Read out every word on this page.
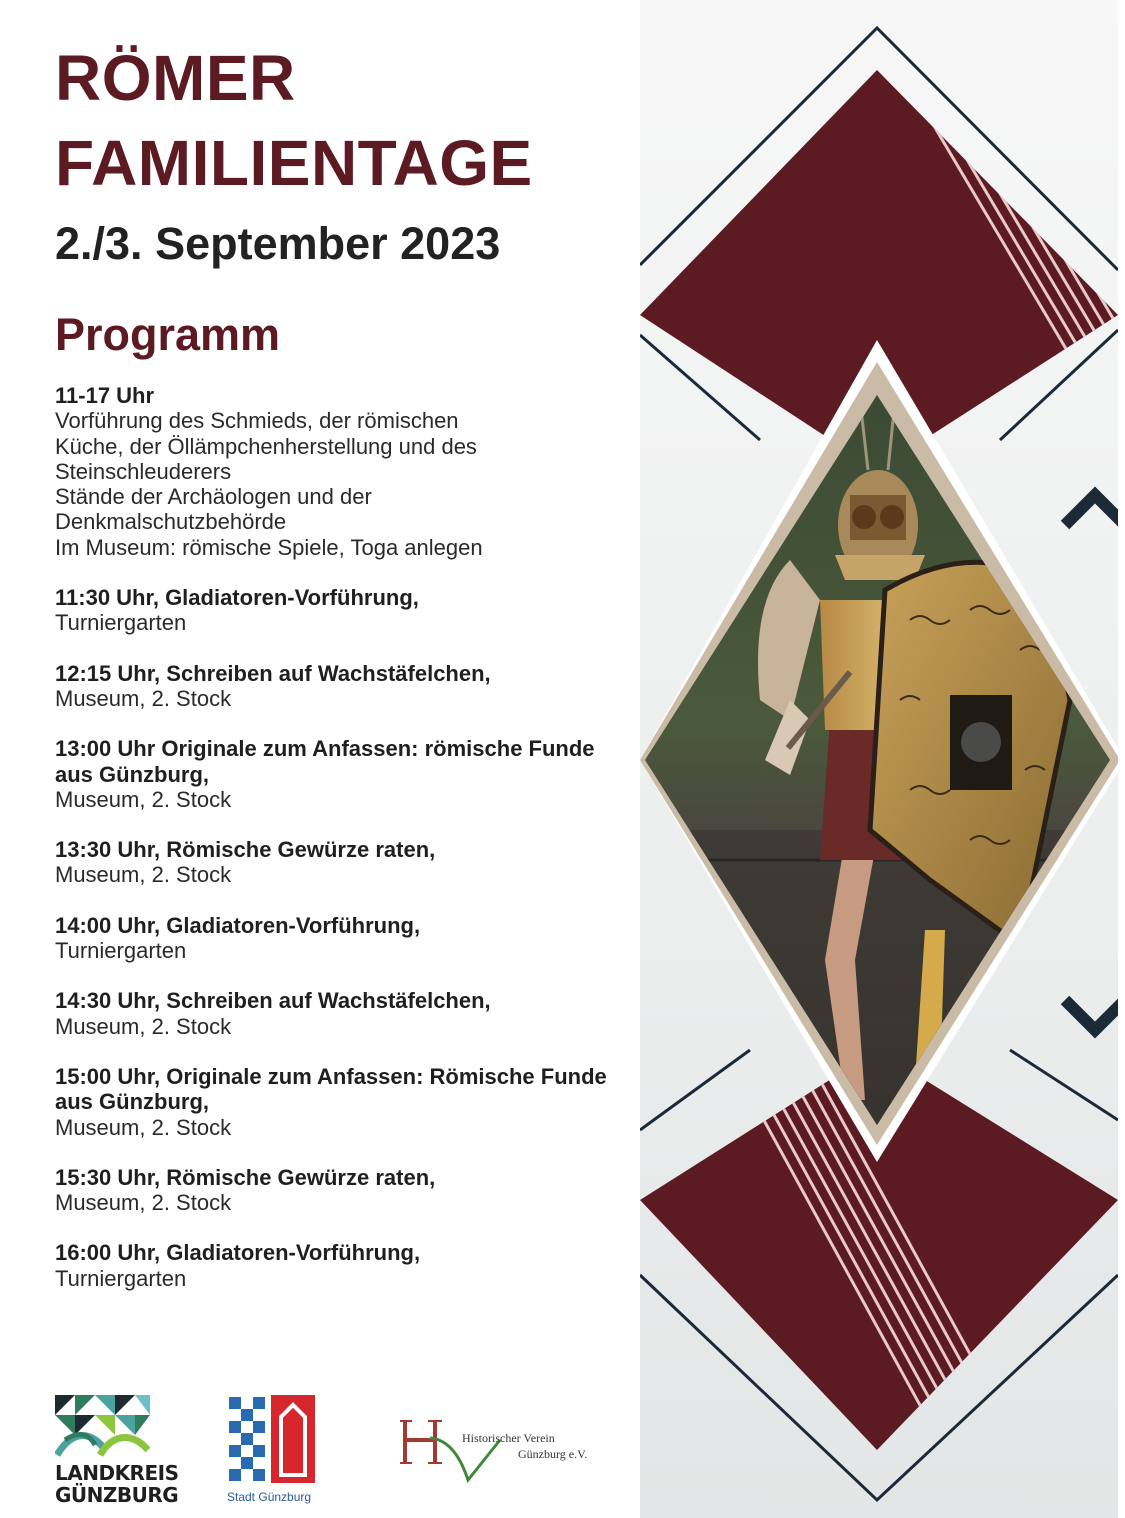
RÖMER
FAMILIENTAGE
2./3. September 2023
Programm
11-17 Uhr
Vorführung des Schmieds, der römischen
Küche, der Öllämpchenherstellung und des
Steinschleuderers
Stände der Archäologen und der
Denkmalschutzbehörde
Im Museum: römische Spiele, Toga anlegen
11:30 Uhr, Gladiatoren-Vorführung,
Turniergarten
12:15 Uhr, Schreiben auf Wachstäfelchen,
Museum, 2. Stock
13:00 Uhr Originale zum Anfassen: römische Funde aus Günzburg,
Museum, 2. Stock
13:30 Uhr, Römische Gewürze raten,
Museum, 2. Stock
14:00 Uhr, Gladiatoren-Vorführung,
Turniergarten
14:30 Uhr, Schreiben auf Wachstäfelchen,
Museum, 2. Stock
15:00 Uhr, Originale zum Anfassen: Römische Funde aus Günzburg,
Museum, 2. Stock
15:30 Uhr, Römische Gewürze raten,
Museum, 2. Stock
16:00 Uhr, Gladiatoren-Vorführung,
Turniergarten
LANDKREIS
GÜNZBURG	Stadt Günzburg
Historischer Verein
Günzburg e.V.
